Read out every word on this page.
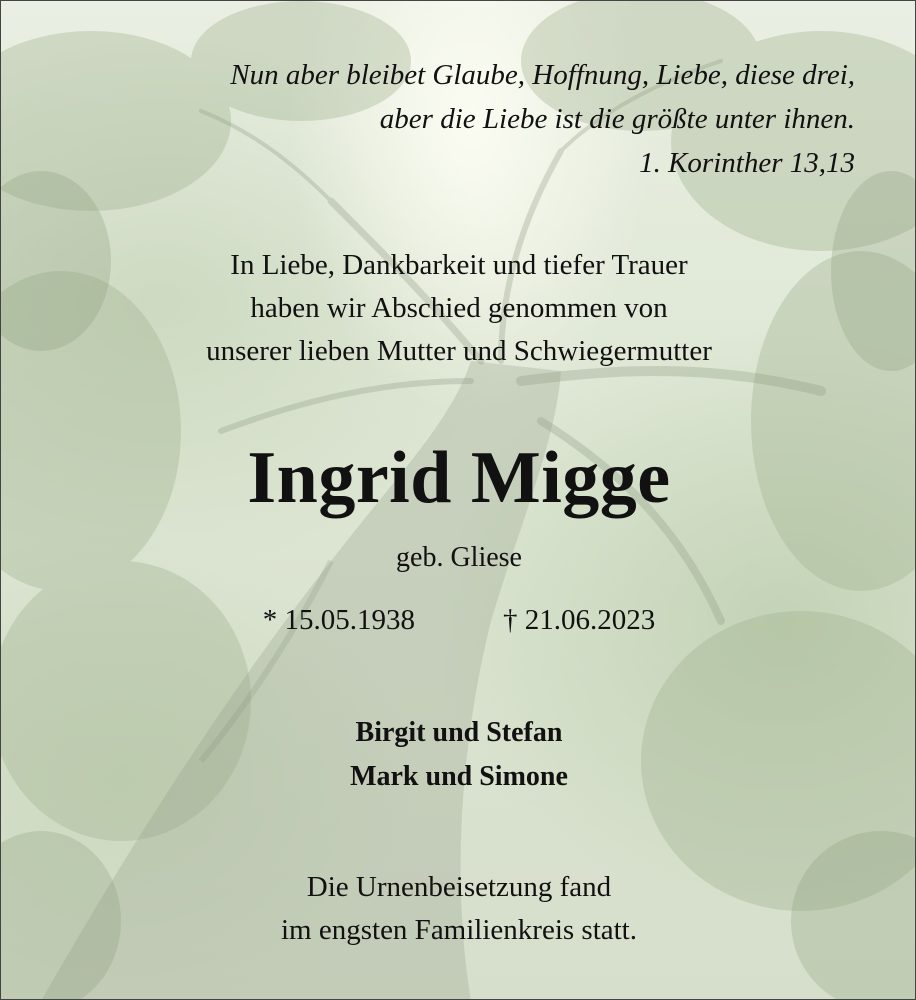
Nun aber bleibet Glaube, Hoffnung, Liebe, diese drei,
aber die Liebe ist die größte unter ihnen.
1. Korinther 13,13
In Liebe, Dankbarkeit und tiefer Trauer
haben wir Abschied genommen von
unserer lieben Mutter und Schwiegermutter
Ingrid Migge
geb. Gliese
* 15.05.1938	† 21.06.2023
Birgit und Stefan
Mark und Simone
Die Urnenbeisetzung fand
im engsten Familienkreis statt.
